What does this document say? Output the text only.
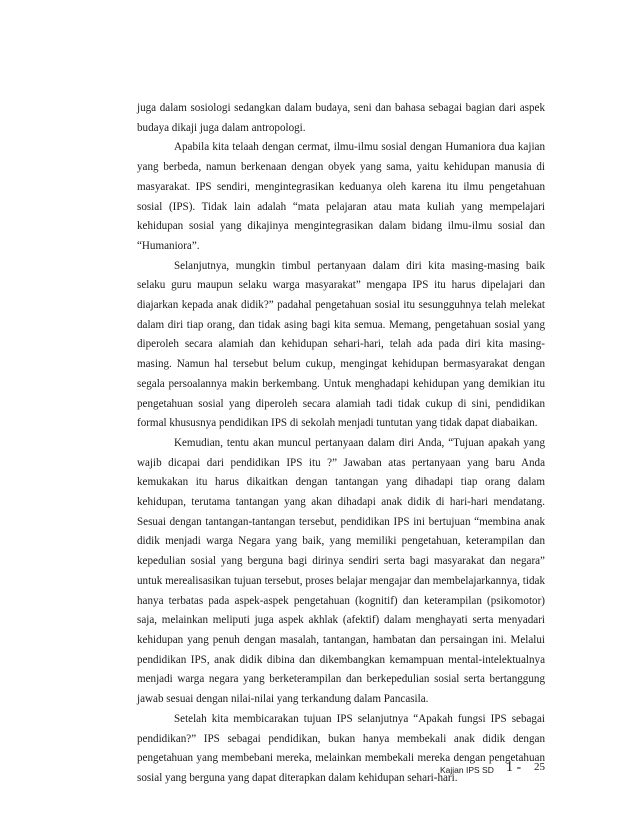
juga dalam sosiologi sedangkan dalam budaya, seni dan bahasa sebagai bagian dari aspek budaya dikaji juga dalam antropologi.

Apabila kita telaah dengan cermat, ilmu-ilmu sosial dengan Humaniora dua kajian yang berbeda, namun berkenaan dengan obyek yang sama, yaitu kehidupan manusia di masyarakat. IPS sendiri, mengintegrasikan keduanya oleh karena itu ilmu pengetahuan sosial (IPS). Tidak lain adalah “mata pelajaran atau mata kuliah yang mempelajari kehidupan sosial yang dikajinya mengintegrasikan dalam bidang ilmu-ilmu sosial dan “Humaniora”.

Selanjutnya, mungkin timbul pertanyaan dalam diri kita masing-masing baik selaku guru maupun selaku warga masyarakat” mengapa IPS itu harus dipelajari dan diajarkan kepada anak didik?” padahal pengetahuan sosial itu sesungguhnya telah melekat dalam diri tiap orang, dan tidak asing bagi kita semua. Memang, pengetahuan sosial yang diperoleh secara alamiah dan kehidupan sehari-hari, telah ada pada diri kita masing-masing. Namun hal tersebut belum cukup, mengingat kehidupan bermasyarakat dengan segala persoalannya makin berkembang. Untuk menghadapi kehidupan yang demikian itu pengetahuan sosial yang diperoleh secara alamiah tadi tidak cukup di sini, pendidikan formal khususnya pendidikan IPS di sekolah menjadi tuntutan yang tidak dapat diabaikan.

Kemudian, tentu akan muncul pertanyaan dalam diri Anda, “Tujuan apakah yang wajib dicapai dari pendidikan IPS itu ?” Jawaban atas pertanyaan yang baru Anda kemukakan itu harus dikaitkan dengan tantangan yang dihadapi tiap orang dalam kehidupan, terutama tantangan yang akan dihadapi anak didik di hari-hari mendatang. Sesuai dengan tantangan-tantangan tersebut, pendidikan IPS ini bertujuan “membina anak didik menjadi warga Negara yang baik, yang memiliki pengetahuan, keterampilan dan kepedulian sosial yang berguna bagi dirinya sendiri serta bagi masyarakat dan negara” untuk merealisasikan tujuan tersebut, proses belajar mengajar dan membelajarkannya, tidak hanya terbatas pada aspek-aspek pengetahuan (kognitif) dan keterampilan (psikomotor) saja, melainkan meliputi juga aspek akhlak (afektif) dalam menghayati serta menyadari kehidupan yang penuh dengan masalah, tantangan, hambatan dan persaingan ini. Melalui pendidikan IPS, anak didik dibina dan dikembangkan kemampuan mental-intelektualnya menjadi warga negara yang berketerampilan dan berkepedulian sosial serta bertanggung jawab sesuai dengan nilai-nilai yang terkandung dalam Pancasila.

Setelah kita membicarakan tujuan IPS selanjutnya “Apakah fungsi IPS sebagai pendidikan?” IPS sebagai pendidikan, bukan hanya membekali anak didik dengan pengetahuan yang membebani mereka, melainkan membekali mereka dengan pengetahuan sosial yang berguna yang dapat diterapkan dalam kehidupan sehari-hari.

Kajian IPS SD 1 - 25
